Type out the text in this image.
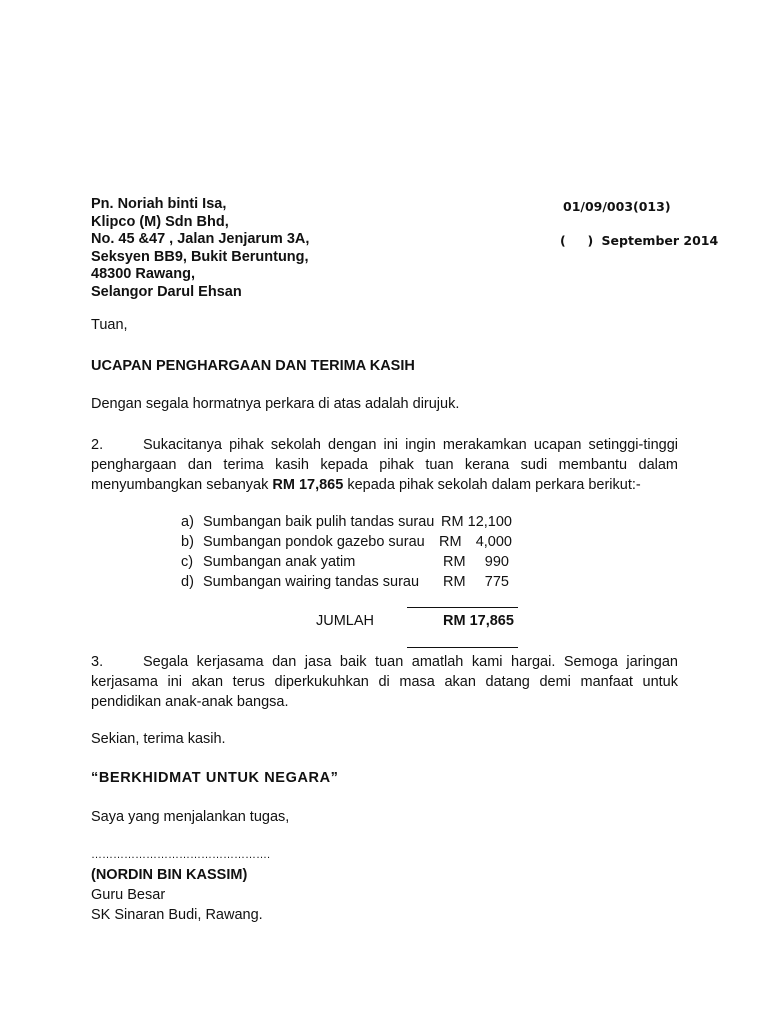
Pn. Noriah binti Isa,
Klipco (M) Sdn Bhd,
No. 45 &47 , Jalan Jenjarum 3A,
Seksyen BB9, Bukit Beruntung,
48300 Rawang,
Selangor Darul Ehsan
01/09/003(013)
(     ) September 2014
Tuan,
UCAPAN PENGHARGAAN DAN TERIMA KASIH
Dengan segala hormatnya perkara di atas adalah dirujuk.
2.	Sukacitanya pihak sekolah dengan ini ingin merakamkan ucapan setinggi-tinggi
penghargaan dan terima kasih kepada pihak tuan kerana sudi membantu dalam
menyumbangkan sebanyak RM 17,865 kepada pihak sekolah dalam perkara berikut:-
a) Sumbangan baik pulih tandas surau RM 12,100
b) Sumbangan pondok gazebo surau RM 4,000
c) Sumbangan anak yatim	RM	990
d) Sumbangan wairing tandas surau RM	775
JUMLAH	RM 17,865
3.	Segala kerjasama dan jasa baik tuan amatlah kami hargai. Semoga jaringan
kerjasama ini akan terus diperkukuhkan di masa akan datang demi manfaat untuk
pendidikan anak-anak bangsa.
Sekian, terima kasih.
“BERKHIDMAT UNTUK NEGARA”
Saya yang menjalankan tugas,
………………………………………….
(NORDIN BIN KASSIM)
Guru Besar
SK Sinaran Budi, Rawang.
